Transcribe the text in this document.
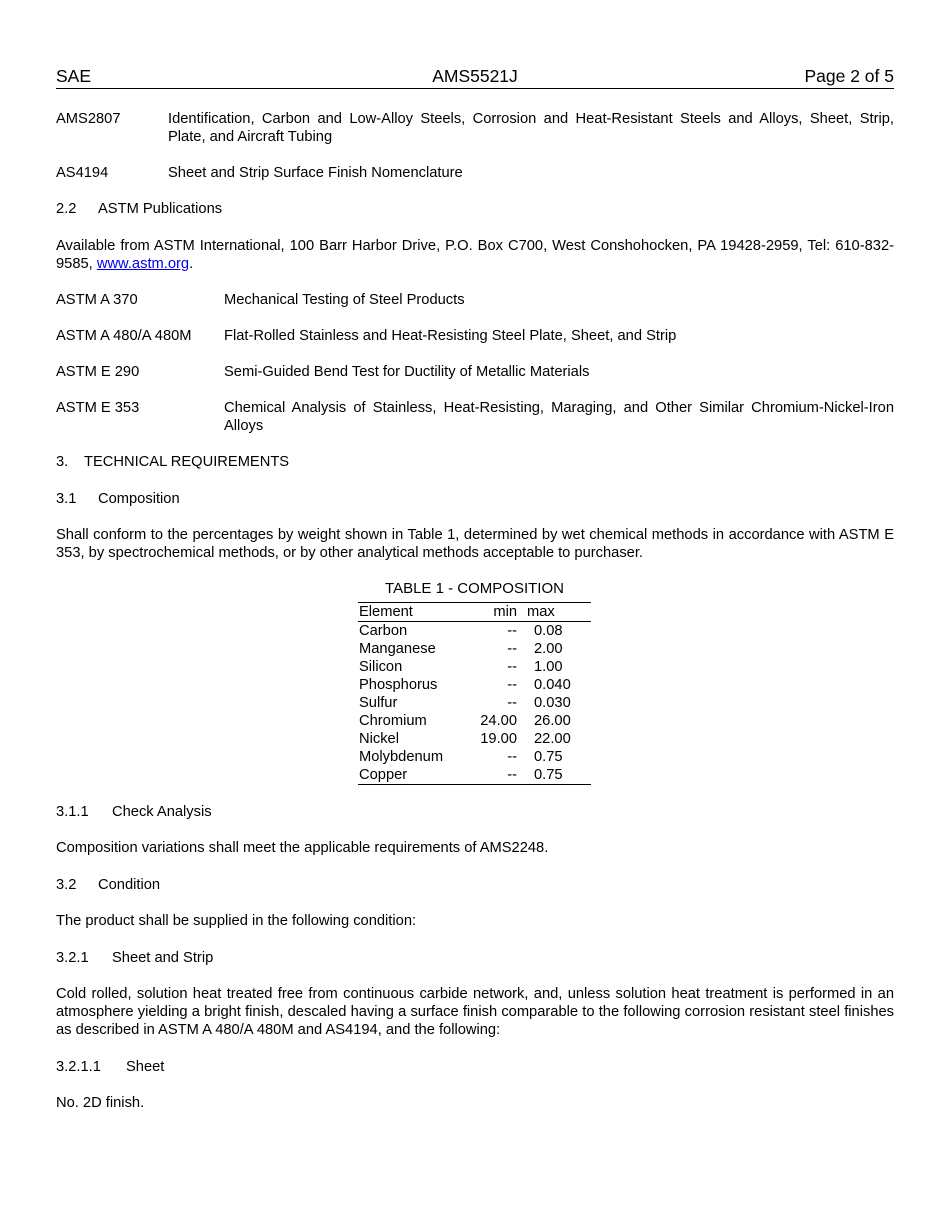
SAE	AMS5521J	Page 2 of 5
AMS2807	Identification, Carbon and Low-Alloy Steels, Corrosion and Heat-Resistant Steels and Alloys, Sheet, Strip, Plate, and Aircraft Tubing
AS4194	Sheet and Strip Surface Finish Nomenclature
2.2 ASTM Publications
Available from ASTM International, 100 Barr Harbor Drive, P.O. Box C700, West Conshohocken, PA 19428-2959, Tel: 610-832-9585, www.astm.org.
ASTM A 370	Mechanical Testing of Steel Products
ASTM A 480/A 480M Flat-Rolled Stainless and Heat-Resisting Steel Plate, Sheet, and Strip
ASTM E 290	Semi-Guided Bend Test for Ductility of Metallic Materials
ASTM E 353	Chemical Analysis of Stainless, Heat-Resisting, Maraging, and Other Similar Chromium-Nickel-Iron Alloys
3. TECHNICAL REQUIREMENTS
3.1 Composition
Shall conform to the percentages by weight shown in Table 1, determined by wet chemical methods in accordance with ASTM E 353, by spectrochemical methods, or by other analytical methods acceptable to purchaser.
TABLE 1 - COMPOSITION
Element	min	max
Carbon	--	0.08
Manganese	--	2.00
Silicon	--	1.00
Phosphorus	--	0.040
Sulfur	--	0.030
Chromium	24.00	26.00
Nickel	19.00	22.00
Molybdenum	--	0.75
Copper	--	0.75
3.1.1 Check Analysis
Composition variations shall meet the applicable requirements of AMS2248.
3.2 Condition
The product shall be supplied in the following condition:
3.2.1 Sheet and Strip
Cold rolled, solution heat treated free from continuous carbide network, and, unless solution heat treatment is performed in an atmosphere yielding a bright finish, descaled having a surface finish comparable to the following corrosion resistant steel finishes as described in ASTM A 480/A 480M and AS4194, and the following:
3.2.1.1 Sheet
No. 2D finish.
